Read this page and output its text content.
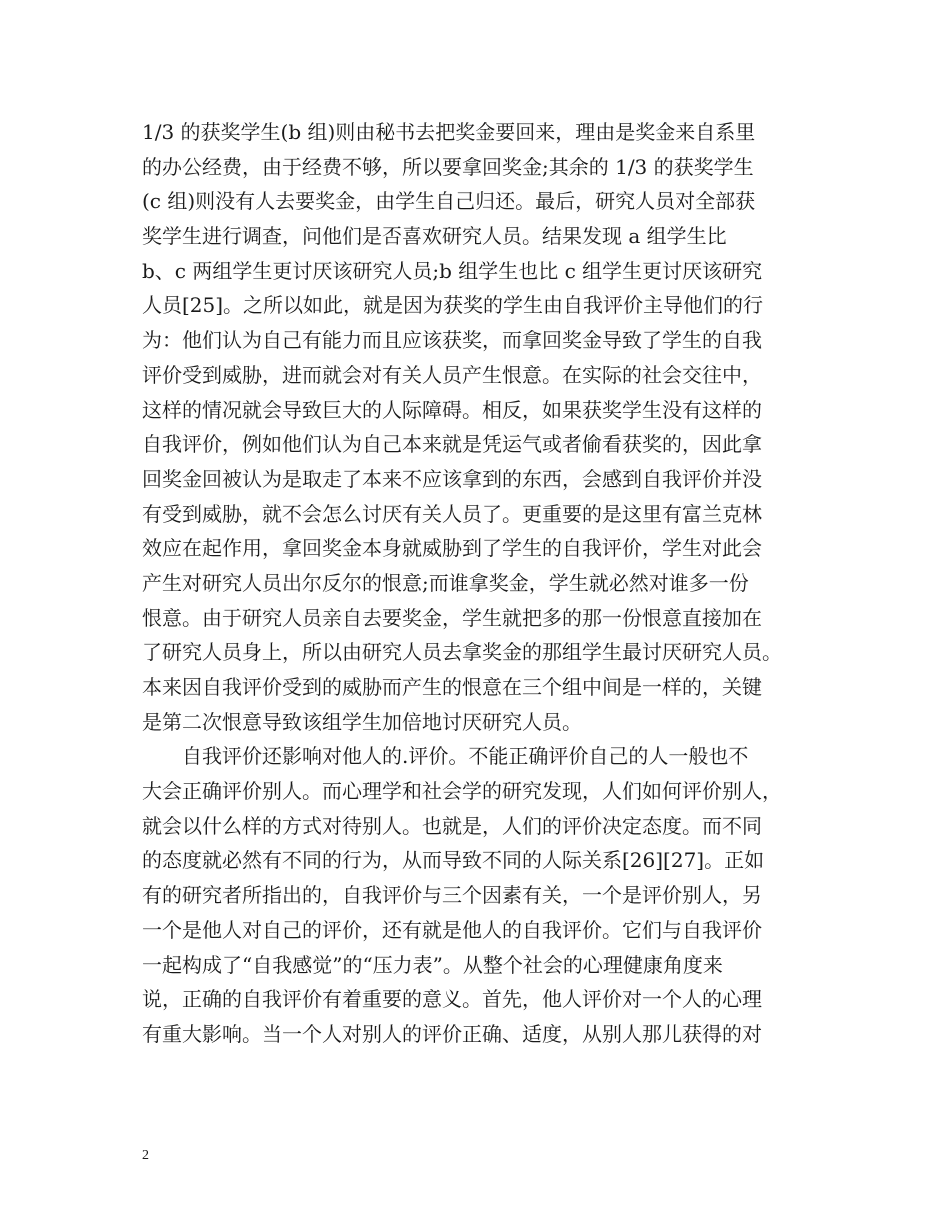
1/3 的获奖学生(b 组)则由秘书去把奖金要回来，理由是奖金来自系里
的办公经费，由于经费不够，所以要拿回奖金;其余的 1/3 的获奖学生
(c 组)则没有人去要奖金，由学生自己归还。最后，研究人员对全部获
奖学生进行调查，问他们是否喜欢研究人员。结果发现 a 组学生比
b、c 两组学生更讨厌该研究人员;b 组学生也比 c 组学生更讨厌该研究
人员[25]。之所以如此，就是因为获奖的学生由自我评价主导他们的行
为：他们认为自己有能力而且应该获奖，而拿回奖金导致了学生的自我
评价受到威胁，进而就会对有关人员产生恨意。在实际的社会交往中，
这样的情况就会导致巨大的人际障碍。相反，如果获奖学生没有这样的
自我评价，例如他们认为自己本来就是凭运气或者偷看获奖的，因此拿
回奖金回被认为是取走了本来不应该拿到的东西，会感到自我评价并没
有受到威胁，就不会怎么讨厌有关人员了。更重要的是这里有富兰克林
效应在起作用，拿回奖金本身就威胁到了学生的自我评价，学生对此会
产生对研究人员出尔反尔的恨意;而谁拿奖金，学生就必然对谁多一份
恨意。由于研究人员亲自去要奖金，学生就把多的那一份恨意直接加在
了研究人员身上，所以由研究人员去拿奖金的那组学生最讨厌研究人员。
本来因自我评价受到的威胁而产生的恨意在三个组中间是一样的，关键
是第二次恨意导致该组学生加倍地讨厌研究人员。
　　自我评价还影响对他人的.评价。不能正确评价自己的人一般也不
大会正确评价别人。而心理学和社会学的研究发现，人们如何评价别人，
就会以什么样的方式对待别人。也就是，人们的评价决定态度。而不同
的态度就必然有不同的行为，从而导致不同的人际关系[26][27]。正如
有的研究者所指出的，自我评价与三个因素有关，一个是评价别人，另
一个是他人对自己的评价，还有就是他人的自我评价。它们与自我评价
一起构成了“自我感觉”的“压力表”。从整个社会的心理健康角度来
说，正确的自我评价有着重要的意义。首先，他人评价对一个人的心理
有重大影响。当一个人对别人的评价正确、适度，从别人那儿获得的对
2
